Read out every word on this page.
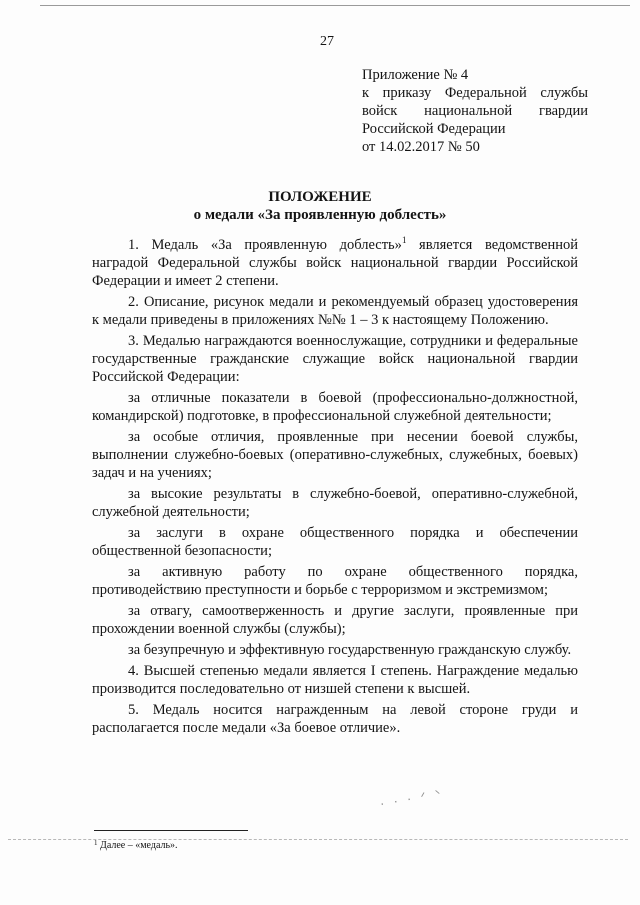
27
Приложение № 4
к приказу Федеральной службы
войск национальной гвардии
Российской Федерации
от 14.02.2017 № 50
ПОЛОЖЕНИЕ
о медали «За проявленную доблесть»

1. Медаль «За проявленную доблесть»$^1$ является ведомственной наградой Федеральной службы войск национальной гвардии Российской Федерации и имеет 2 степени.

2. Описание, рисунок медали и рекомендуемый образец удостоверения к медали приведены в приложениях №№ 1 – 3 к настоящему Положению.

3. Медалью награждаются военнослужащие, сотрудники и федеральные государственные гражданские служащие войск национальной гвардии Российской Федерации:

за отличные показатели в боевой (профессионально-должностной, командирской) подготовке, в профессиональной служебной деятельности;

за особые отличия, проявленные при несении боевой службы, выполнении служебно-боевых (оперативно-служебных, служебных, боевых) задач и на учениях;

за высокие результаты в служебно-боевой, оперативно-служебной, служебной деятельности;

за заслуги в охране общественного порядка и обеспечении общественной безопасности;

за активную работу по охране общественного порядка, противодействию преступности и борьбе с терроризмом и экстремизмом;

за отвагу, самоотверженность и другие заслуги, проявленные при прохождении военной службы (службы);

за безупречную и эффективную государственную гражданскую службу.

4. Высшей степенью медали является I степень. Награждение медалью производится последовательно от низшей степени к высшей.

5. Медаль носится награжденным на левой стороне груди и располагается после медали «За боевое отличие».

· · · ᐟ ᐠ
$^1$ Далее – «медаль».
